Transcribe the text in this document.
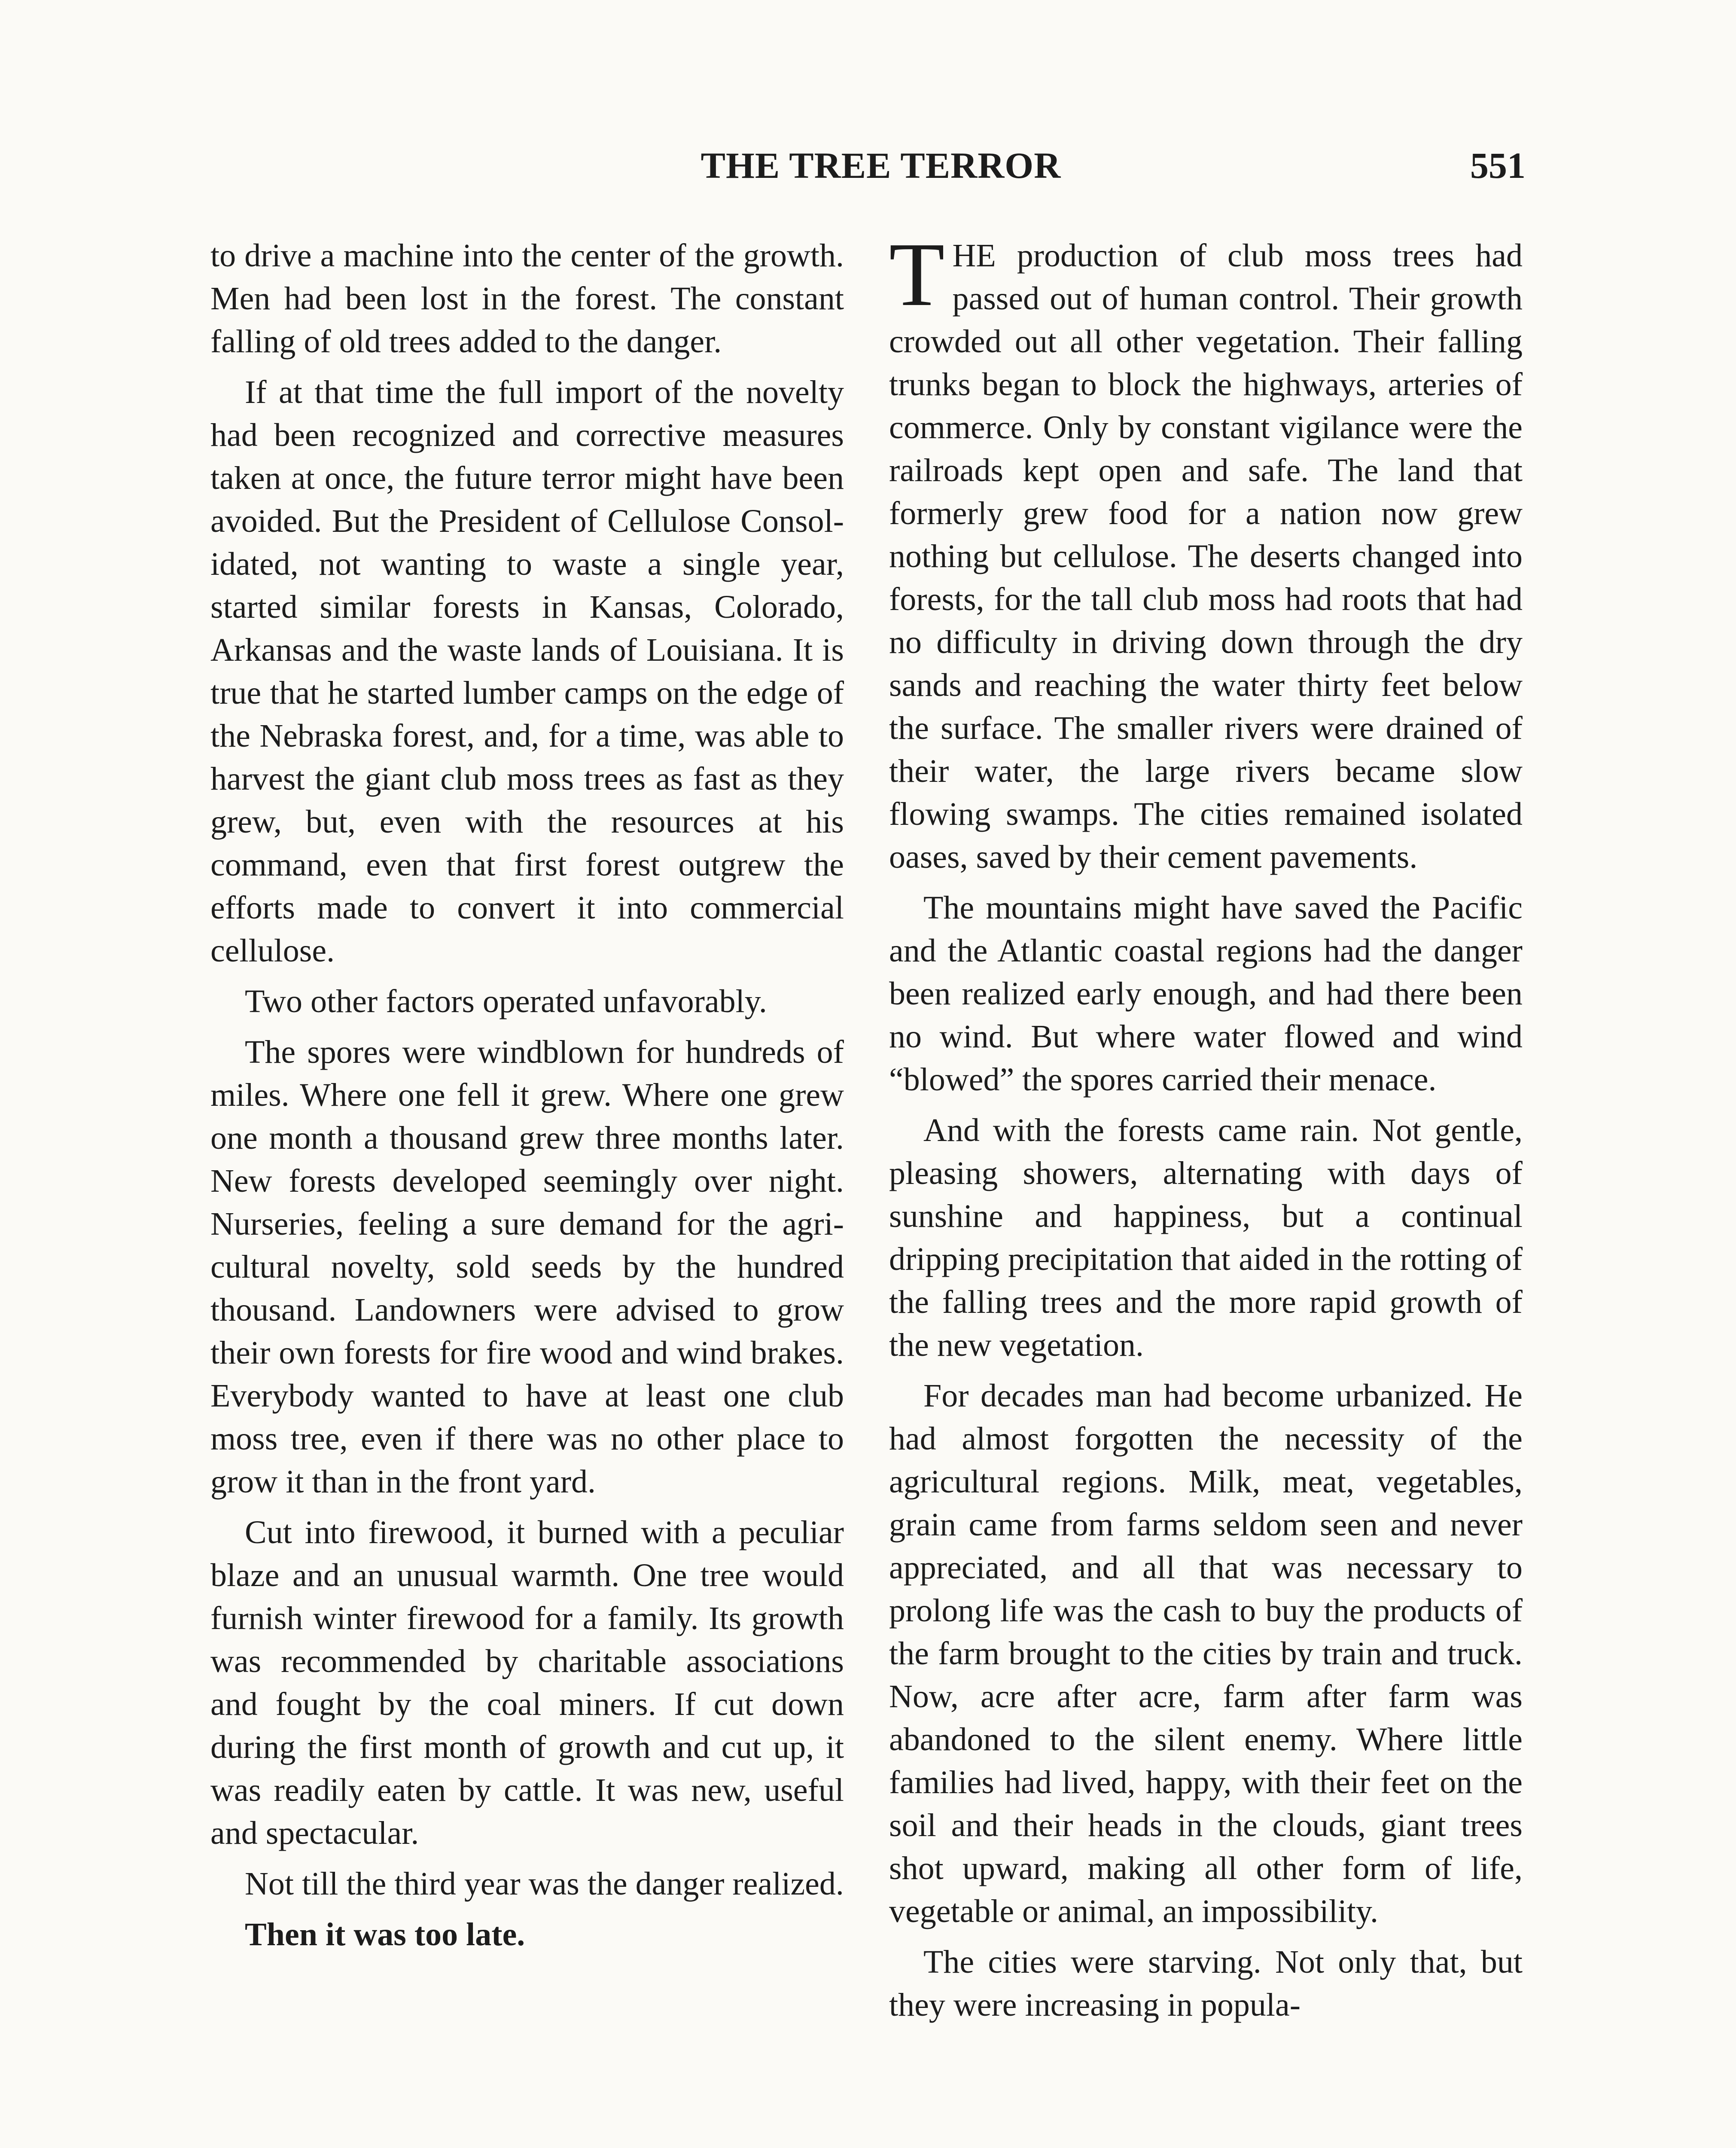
THE TREE TERROR	551

to drive a machine into the center of the growth. Men had been lost in the forest. The constant falling of old trees added to the danger.

If at that time the full import of the novelty had been recognized and corrective measures taken at once, the future terror might have been avoided. But the President of Cellulose Consolidated, not wanting to waste a single year, started similar forests in Kansas, Colorado, Arkansas and the waste lands of Louisiana. It is true that he started lumber camps on the edge of the Nebraska forest, and, for a time, was able to harvest the giant club moss trees as fast as they grew, but, even with the resources at his command, even that first forest outgrew the efforts made to convert it into commercial cellulose.

Two other factors operated unfavorably.

The spores were windblown for hundreds of miles. Where one fell it grew. Where one grew one month a thousand grew three months later. New forests developed seemingly over night. Nurseries, feeling a sure demand for the agricultural novelty, sold seeds by the hundred thousand. Landowners were advised to grow their own forests for fire wood and wind brakes. Everybody wanted to have at least one club moss tree, even if there was no other place to grow it than in the front yard.

Cut into firewood, it burned with a peculiar blaze and an unusual warmth. One tree would furnish winter firewood for a family. Its growth was recommended by charitable associations and fought by the coal miners. If cut down during the first month of growth and cut up, it was readily eaten by cattle. It was new, useful and spectacular.

Not till the third year was the danger realized.

Then it was too late.

THE production of club moss trees had passed out of human control. Their growth crowded out all other vegetation. Their falling trunks began to block the highways, arteries of commerce. Only by constant vigilance were the railroads kept open and safe. The land that formerly grew food for a nation now grew nothing but cellulose. The deserts changed into forests, for the tall club moss had roots that had no difficulty in driving down through the dry sands and reaching the water thirty feet below the surface. The smaller rivers were drained of their water, the large rivers became slow flowing swamps. The cities remained isolated oases, saved by their cement pavements.

The mountains might have saved the Pacific and the Atlantic coastal regions had the danger been realized early enough, and had there been no wind. But where water flowed and wind “blowed” the spores carried their menace.

And with the forests came rain. Not gentle, pleasing showers, alternating with days of sunshine and happiness, but a continual dripping precipitation that aided in the rotting of the falling trees and the more rapid growth of the new vegetation.

For decades man had become urbanized. He had almost forgotten the necessity of the agricultural regions. Milk, meat, vegetables, grain came from farms seldom seen and never appreciated, and all that was necessary to prolong life was the cash to buy the products of the farm brought to the cities by train and truck. Now, acre after acre, farm after farm was abandoned to the silent enemy. Where little families had lived, happy, with their feet on the soil and their heads in the clouds, giant trees shot upward, making all other form of life, vegetable or animal, an impossibility.

The cities were starving. Not only that, but they were increasing in popula-
